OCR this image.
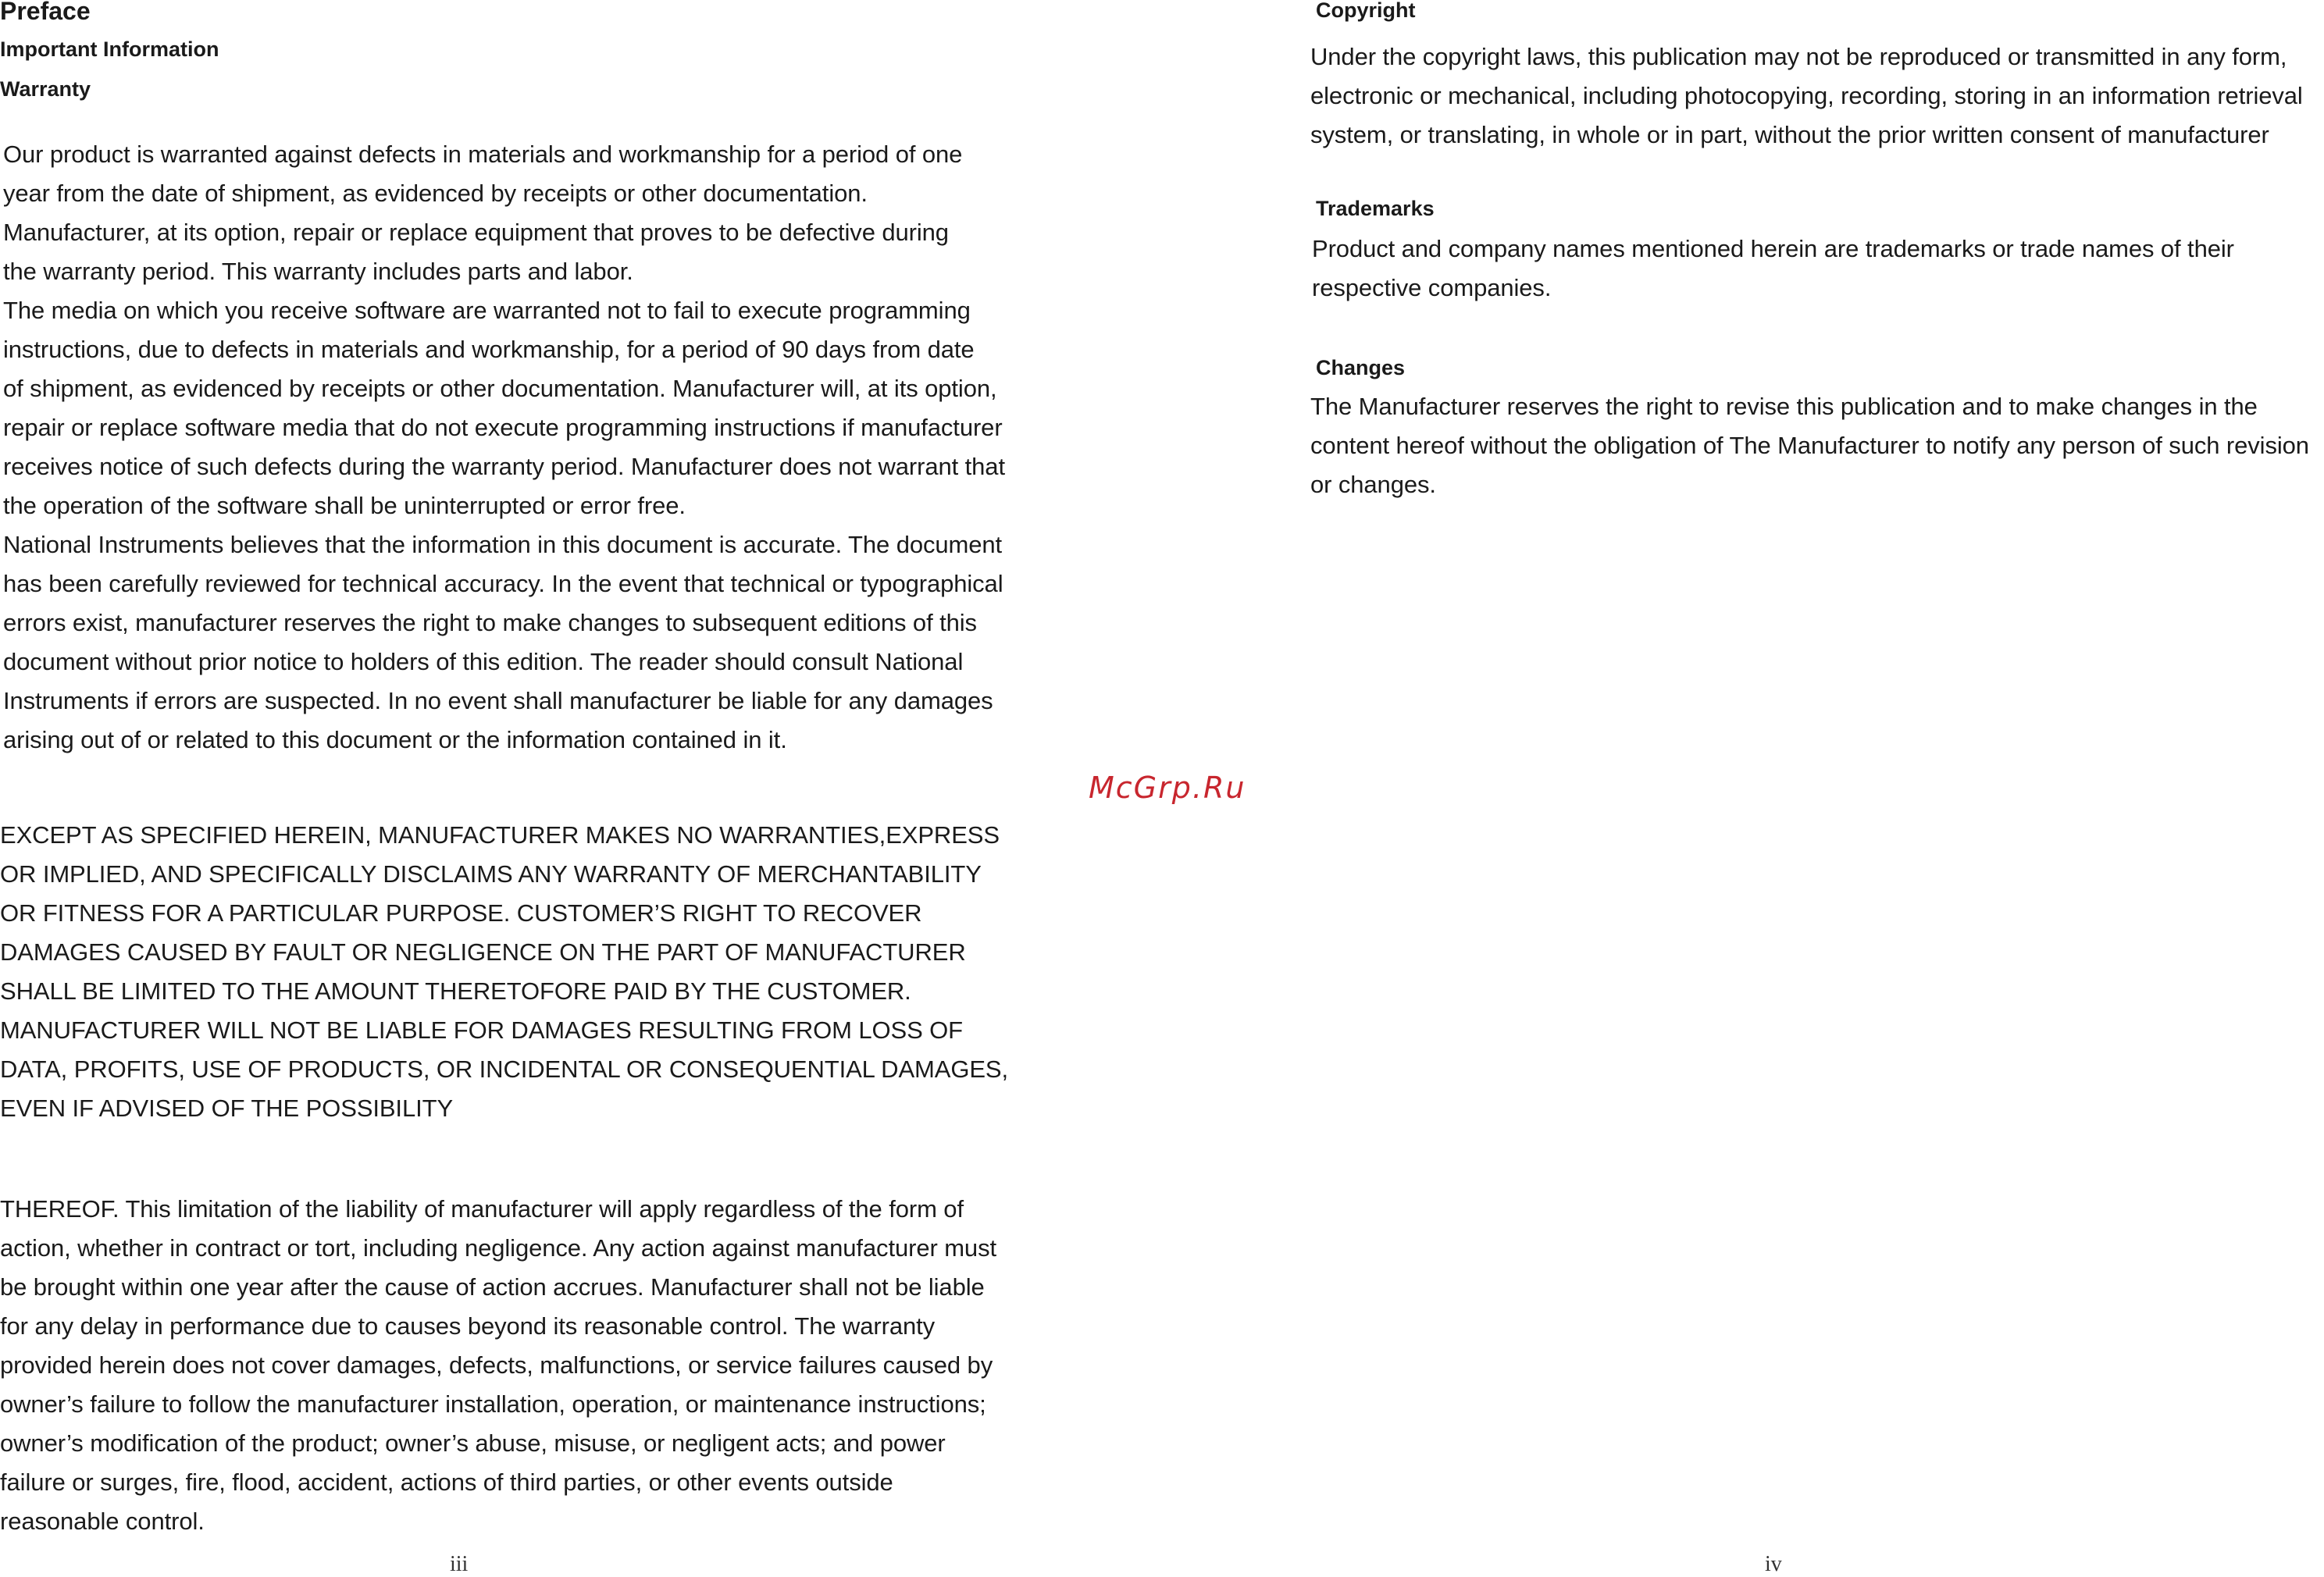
Preface
Important Information
Warranty
Our product is warranted against defects in materials and workmanship for a period of one
year from the date of shipment, as evidenced by receipts or other documentation.
Manufacturer, at its option, repair or replace equipment that proves to be defective during
the warranty period. This warranty includes parts and labor.
The media on which you receive software are warranted not to fail to execute programming
instructions, due to defects in materials and workmanship, for a period of 90 days from date
of shipment, as evidenced by receipts or other documentation. Manufacturer will, at its option,
repair or replace software media that do not execute programming instructions if manufacturer
receives notice of such defects during the warranty period. Manufacturer does not warrant that
the operation of the software shall be uninterrupted or error free.
National Instruments believes that the information in this document is accurate. The document
has been carefully reviewed for technical accuracy. In the event that technical or typographical
errors exist, manufacturer reserves the right to make changes to subsequent editions of this
document without prior notice to holders of this edition. The reader should consult National
Instruments if errors are suspected. In no event shall manufacturer be liable for any damages
arising out of or related to this document or the information contained in it.
EXCEPT AS SPECIFIED HEREIN, MANUFACTURER MAKES NO WARRANTIES,EXPRESS
OR IMPLIED, AND SPECIFICALLY DISCLAIMS ANY WARRANTY OF MERCHANTABILITY
OR FITNESS FOR A PARTICULAR PURPOSE. CUSTOMER’S RIGHT TO RECOVER
DAMAGES CAUSED BY FAULT OR NEGLIGENCE ON THE PART OF MANUFACTURER
SHALL BE LIMITED TO THE AMOUNT THERETOFORE PAID BY THE CUSTOMER.
MANUFACTURER WILL NOT BE LIABLE FOR DAMAGES RESULTING FROM LOSS OF
DATA, PROFITS, USE OF PRODUCTS, OR INCIDENTAL OR CONSEQUENTIAL DAMAGES,
EVEN IF ADVISED OF THE POSSIBILITY
THEREOF. This limitation of the liability of manufacturer will apply regardless of the form of
action, whether in contract or tort, including negligence. Any action against manufacturer must
be brought within one year after the cause of action accrues. Manufacturer shall not be liable
for any delay in performance due to causes beyond its reasonable control. The warranty
provided herein does not cover damages, defects, malfunctions, or service failures caused by
owner’s failure to follow the manufacturer installation, operation, or maintenance instructions;
owner’s modification of the product; owner’s abuse, misuse, or negligent acts; and power
failure or surges, fire, flood, accident, actions of third parties, or other events outside
reasonable control.
iii
McGrp.Ru
Copyright
Under the copyright laws, this publication may not be reproduced or transmitted in any form,
electronic or mechanical, including photocopying, recording, storing in an information retrieval
system, or translating, in whole or in part, without the prior written consent of manufacturer
Trademarks
Product and company names mentioned herein are trademarks or trade names of their
respective companies.
Changes
The Manufacturer reserves the right to revise this publication and to make changes in the
content hereof without the obligation of The Manufacturer to notify any person of such revision
or changes.
iv
